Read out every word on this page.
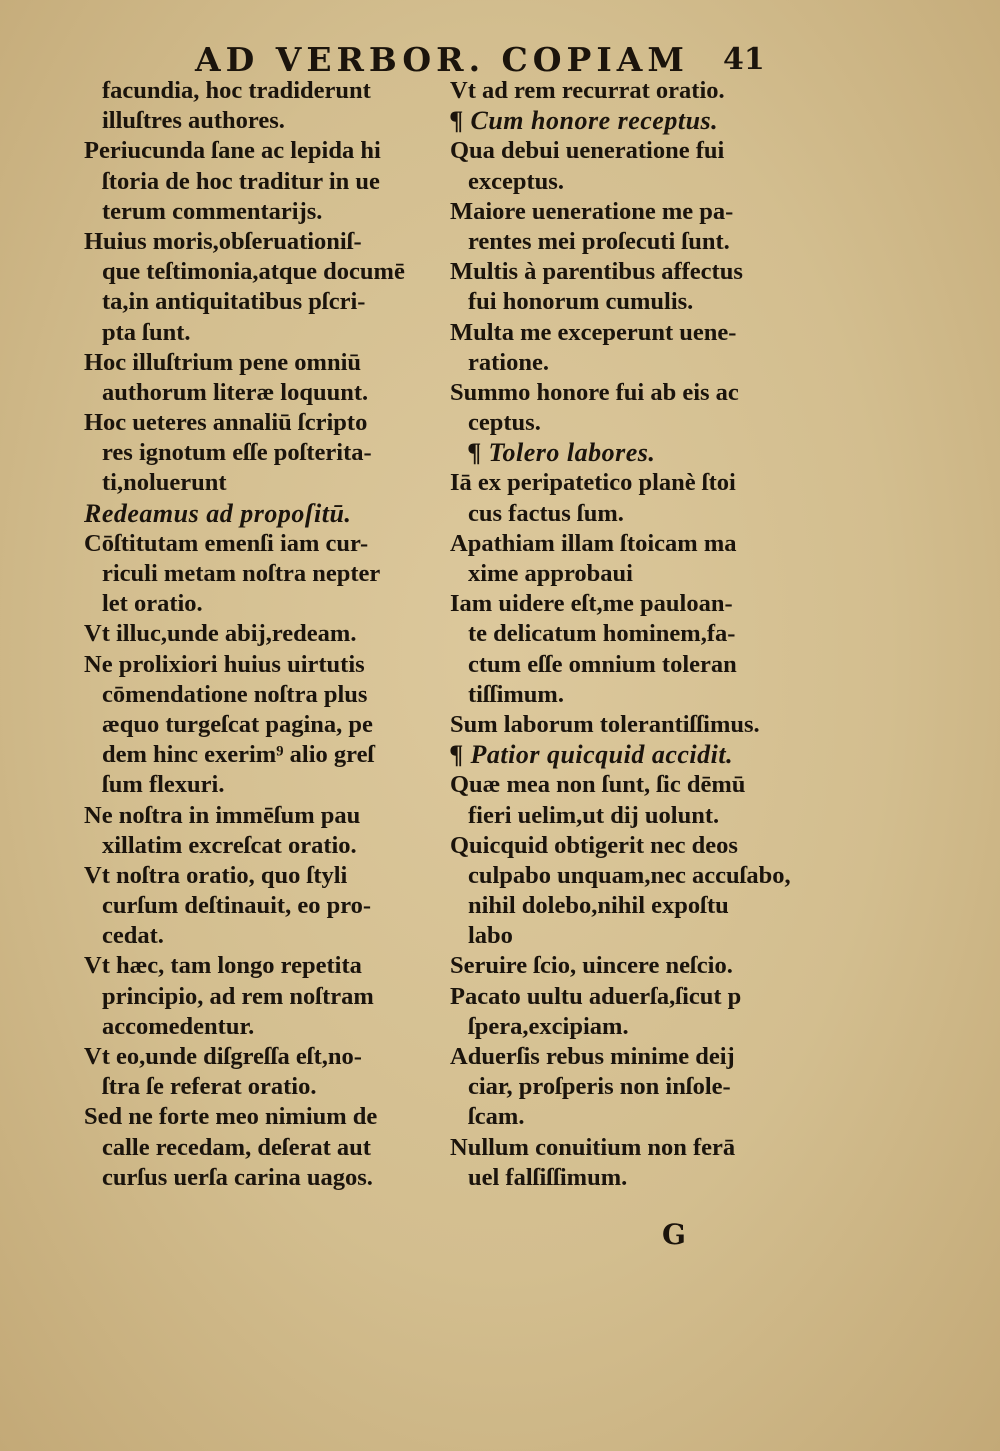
AD VERBOR. COPIAM 41
facundia, hoc tradiderunt
illuſtres authores.
Periucunda ſane ac lepida hi
ſtoria de hoc traditur in ue
terum commentarijs.
Huius moris,obſeruationiſ-
que teſtimonia,atque documē
ta,in antiquitatibus pſcri-
pta ſunt.
Hoc illuſtrium pene omniū
authorum literæ loquunt.
Hoc ueteres annaliū ſcripto
res ignotum eſſe poſterita-
ti,noluerunt
Redeamus ad propoſitū.
Cōſtitutam emenſi iam cur-
riculi metam noſtra nepter
let oratio.
Vt illuc,unde abij,redeam.
Ne prolixiori huius uirtutis
cōmendatione noſtra plus
æquo turgeſcat pagina, pe
dem hinc exerim⁹ alio greſ
ſum flexuri.
Ne noſtra in immēſum pau
xillatim excreſcat oratio.
Vt noſtra oratio, quo ſtyli
curſum deſtinauit, eo pro-
cedat.
Vt hæc, tam longo repetita
principio, ad rem noſtram
accomedentur.
Vt eo,unde diſgreſſa eſt,no-
ſtra ſe referat oratio.
Sed ne forte meo nimium de
calle recedam, deſerat aut
curſus uerſa carina uagos.
Vt ad rem recurrat oratio.
¶ Cum honore receptus.
Qua debui ueneratione fui
exceptus.
Maiore ueneratione me pa-
rentes mei proſecuti ſunt.
Multis à parentibus affectus
fui honorum cumulis.
Multa me exceperunt uene-
ratione.
Summo honore fui ab eis ac
ceptus.
¶ Tolero labores.
Iā ex peripatetico planè ſtoi
cus factus ſum.
Apathiam illam ſtoicam ma
xime approbaui
Iam uidere eſt,me pauloan-
te delicatum hominem,fa-
ctum eſſe omnium toleran
tiſſimum.
Sum laborum tolerantiſſimus.
¶ Patior quicquid accidit.
Quæ mea non ſunt, ſic dēmū
fieri uelim,ut dij uolunt.
Quicquid obtigerit nec deos
culpabo unquam,nec accuſabo,
nihil dolebo,nihil expoſtu
labo
Seruire ſcio, uincere neſcio.
Pacato uultu aduerſa,ſicut p
ſpera,excipiam.
Aduerſis rebus minime deij
ciar, proſperis non inſole-
ſcam.
Nullum conuitium non ferā
uel falſiſſimum.
G
